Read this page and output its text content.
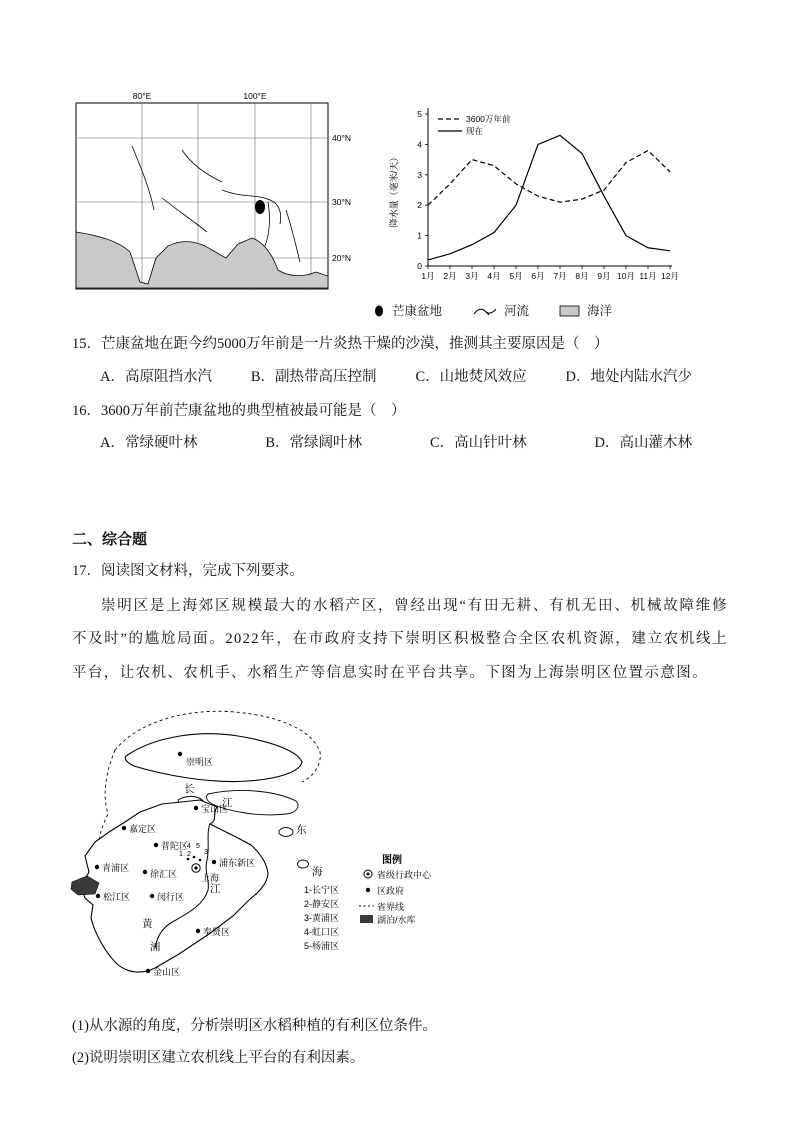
80°E	100°E
40°N
30°N
20°N
降水量（毫米/天）
3600万年前
现在
0
1
2
3
4
5
1月 2月 3月 4月 5月 6月 7月 8月 9月 10月 11月 12月
芒康盆地	河流	海洋

15．芒康盆地在距今约5000万年前是一片炎热干燥的沙漠，推测其主要原因是（　）

A．高原阻挡水汽	B．副热带高压控制	C．山地焚风效应	D．地处内陆水汽少

16．3600万年前芒康盆地的典型植被最可能是（　）

A．常绿硬叶林	B．常绿阔叶林	C．高山针叶林	D．高山灌木林
二、综合题

17．阅读图文材料，完成下列要求。

崇明区是上海郊区规模最大的水稻产区，曾经出现“有田无耕、有机无田、机械故障维修不及时”的尴尬局面。2022年，在市政府支持下崇明区积极整合全区农机资源，建立农机线上平台，让农机、农机手、水稻生产等信息实时在平台共享。下图为上海崇明区位置示意图。

崇明区
长
江
东
海
宝山区
嘉定区
普陀区
青浦区
徐汇区	上海
浦东新区
松江区	闵行区
江
黄
浦
奉贤区
金山区
4 5
1 2 3
图例
省级行政中心
区政府
省界线
湖泊/水库
1-长宁区
2-静安区
3-黄浦区
4-虹口区
5-杨浦区

(1)从水源的角度，分析崇明区水稻种植的有利区位条件。

(2)说明崇明区建立农机线上平台的有利因素。
